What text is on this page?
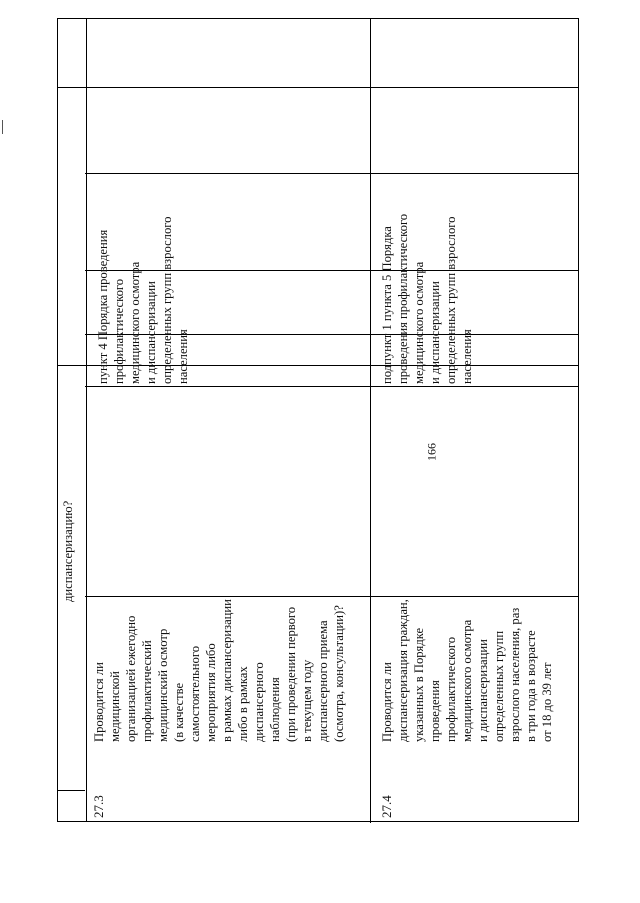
166
диспансеризацию?
27.3
Проводится ли медицинской организацией ежегодно профилактический медицинский осмотр (в качестве самостоятельного мероприятия либо в рамках диспансеризации либо в рамках диспансерного наблюдения (при проведении первого в текущем году диспансерного приема (осмотра, консультации)?
пункт 4 Порядка проведения профилактического медицинского осмотра и диспансеризации определенных групп взрослого населения
27.4
Проводится ли диспансеризация граждан, указанных в Порядке проведения профилактического медицинского осмотра и диспансеризации определенных групп взрослого населения, раз в три года в возрасте от 18 до 39 лет
подпункт 1 пункта 5 Порядка проведения профилактического медицинского осмотра и диспансеризации определенных групп взрослого населения
